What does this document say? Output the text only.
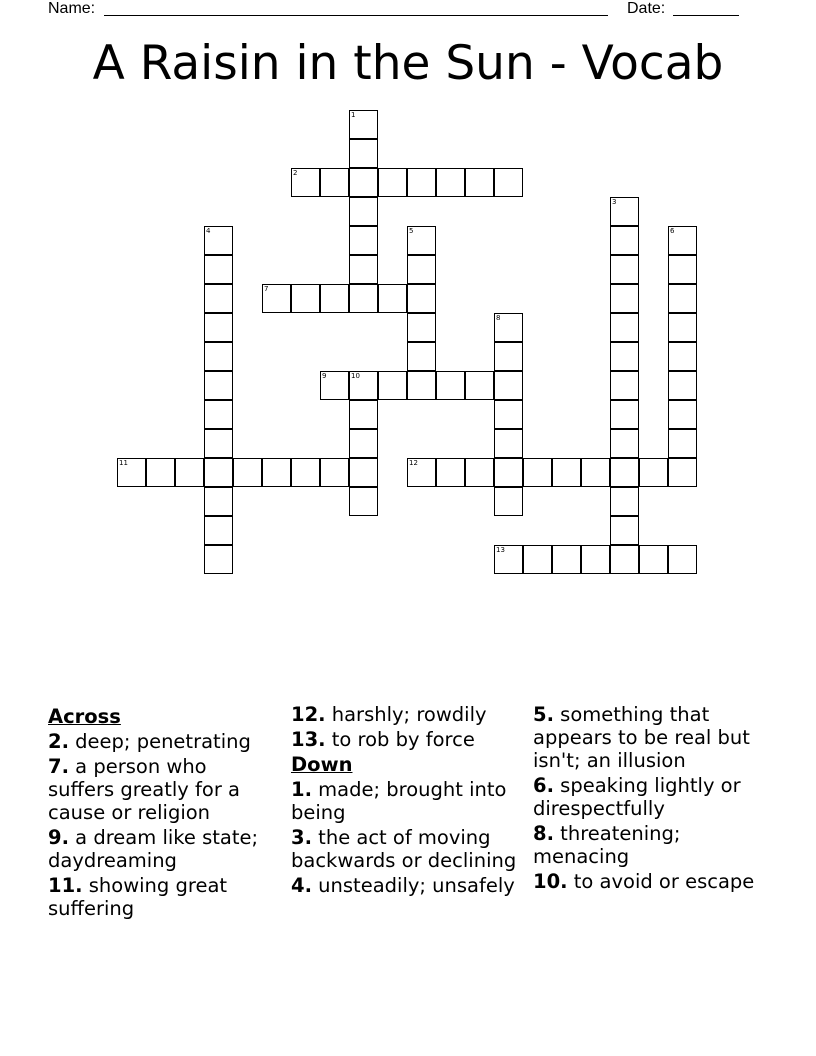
Name:	Date:
A Raisin in the Sun - Vocab
1
2
3
4	5	6
7
8
9	10
11	12
13
Across
2. deep; penetrating
7. a person who suffers greatly for a cause or religion
9. a dream like state; daydreaming
11. showing great suffering
12. harshly; rowdily
13. to rob by force
Down
1. made; brought into being
3. the act of moving backwards or declining
4. unsteadily; unsafely
5. something that appears to be real but isn't; an illusion
6. speaking lightly or direspectfully
8. threatening; menacing
10. to avoid or escape
